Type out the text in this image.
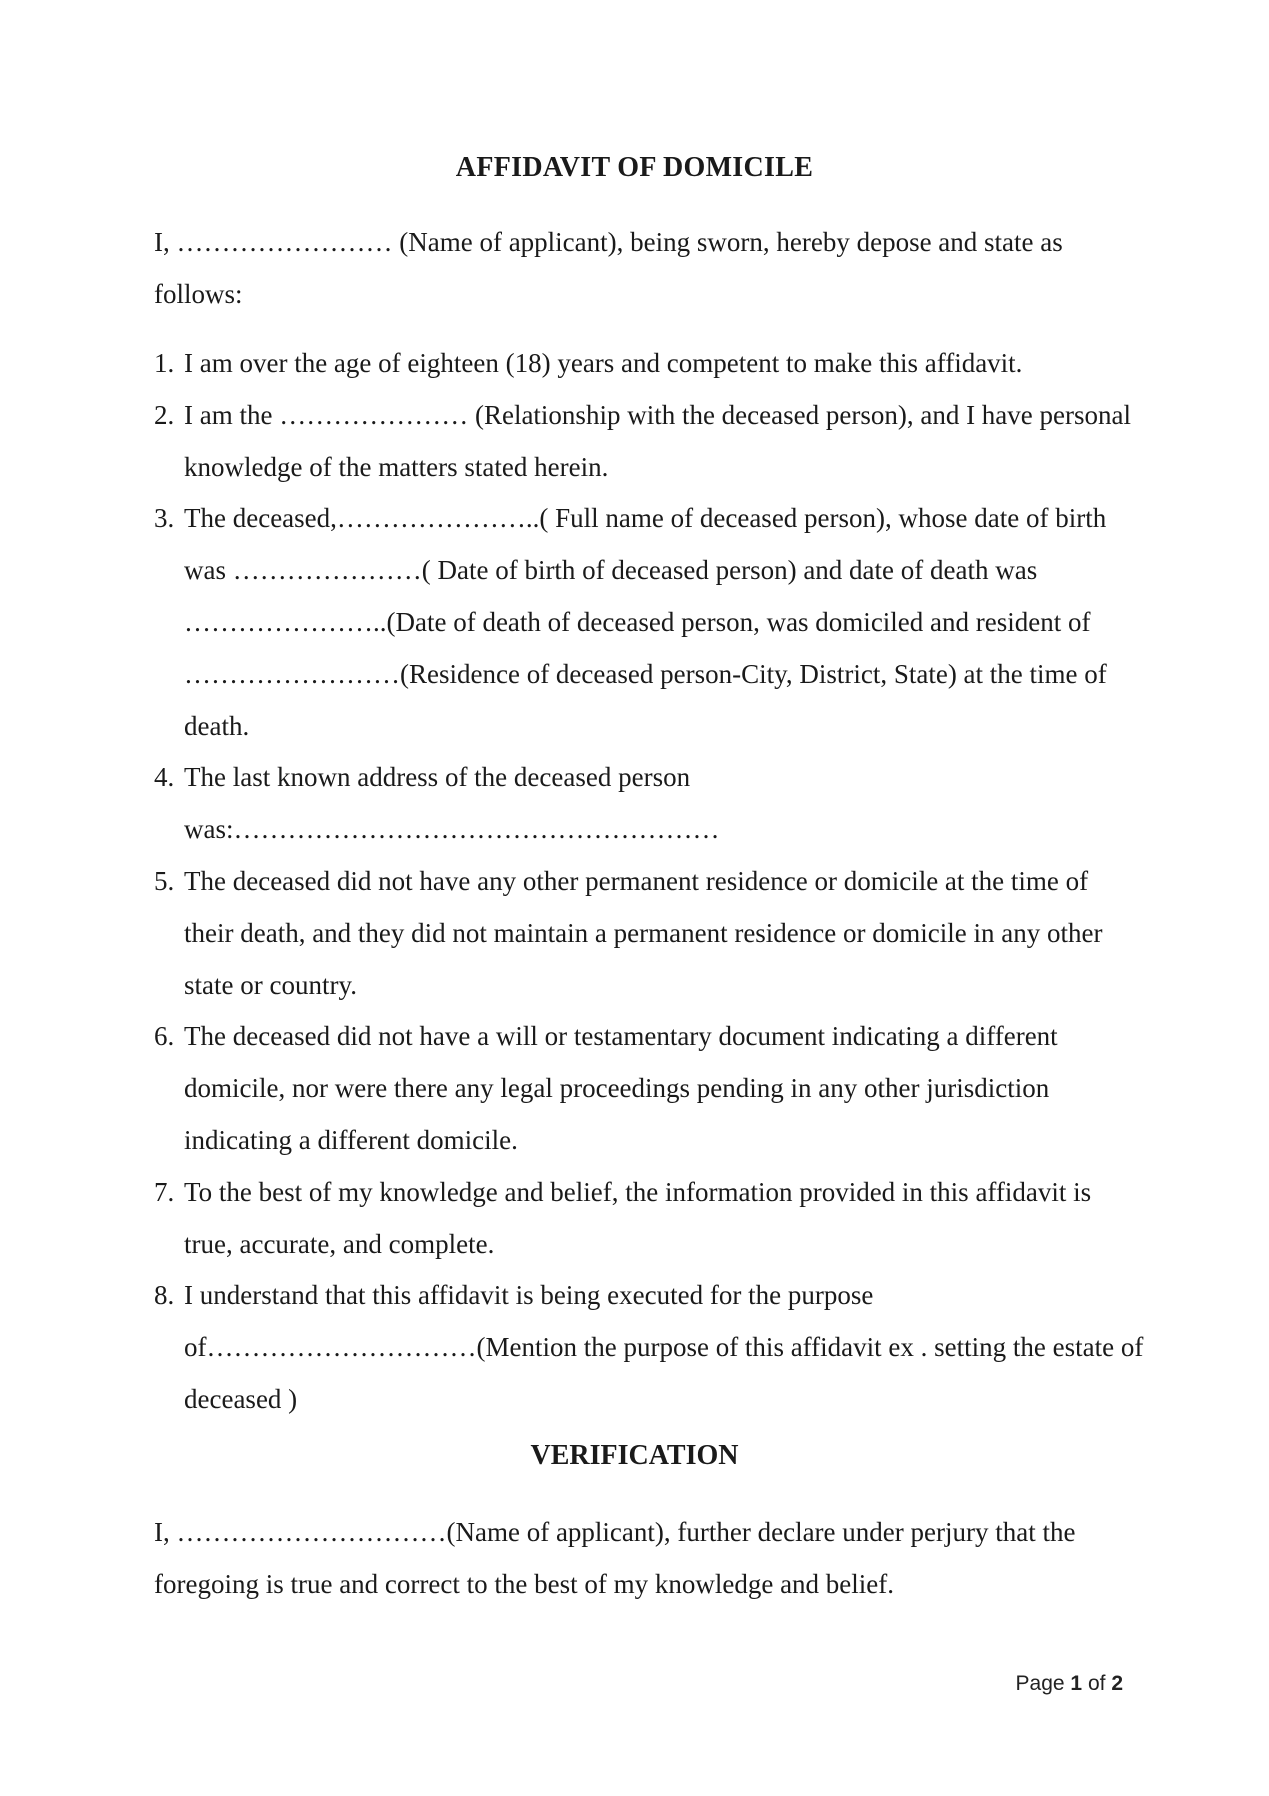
AFFIDAVIT OF DOMICILE

I, …………………… (Name of applicant), being sworn, hereby depose and state as follows:

1. I am over the age of eighteen (18) years and competent to make this affidavit.
2. I am the ………………… (Relationship with the deceased person), and I have personal knowledge of the matters stated herein.
3. The deceased,…………………..( Full name of deceased person), whose date of birth was …………………( Date of birth of deceased person) and date of death was …………………..(Date of death of deceased person, was domiciled and resident of ……………………(Residence of deceased person-City, District, State) at the time of death.
4. The last known address of the deceased person was:………………………………………………
5. The deceased did not have any other permanent residence or domicile at the time of their death, and they did not maintain a permanent residence or domicile in any other state or country.
6. The deceased did not have a will or testamentary document indicating a different domicile, nor were there any legal proceedings pending in any other jurisdiction indicating a different domicile.
7. To the best of my knowledge and belief, the information provided in this affidavit is true, accurate, and complete.
8. I understand that this affidavit is being executed for the purpose of…………………………(Mention the purpose of this affidavit ex . setting the estate of deceased )
VERIFICATION

I, …………………………(Name of applicant), further declare under perjury that the foregoing is true and correct to the best of my knowledge and belief.

Page 1 of 2
